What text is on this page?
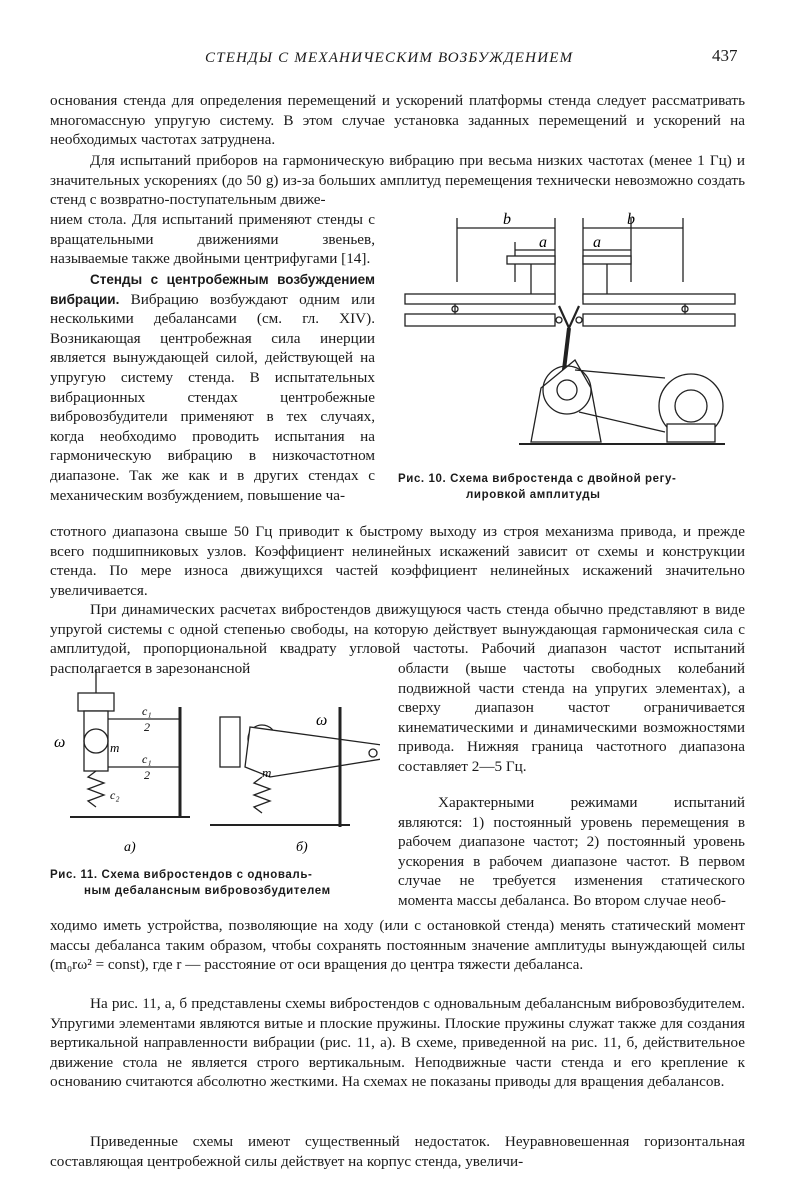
СТЕНДЫ С МЕХАНИЧЕСКИМ ВОЗБУЖДЕНИЕМ	437

основания стенда для определения перемещений и ускорений платформы стенда следует рассматривать многомассную упругую систему. В этом случае установка заданных перемещений и ускорений на необходимых частотах затруднена.

Для испытаний приборов на гармоническую вибрацию при весьма низких частотах (менее 1 Гц) и значительных ускорениях (до 50 g) из-за больших амплитуд перемещения технически невозможно создать стенд с возвратно-поступательным движе-

нием стола. Для испытаний применяют стенды с вращательными движениями звеньев, называемые также двойными центрифугами [14].

Стенды с центробежным возбуждением вибрации. Вибрацию возбуждают одним или несколькими дебалансами (см. гл. XIV). Возникающая центробежная сила инерции является вынуждающей силой, действующей на упругую систему стенда. В испытательных вибрационных стендах центробежные вибровозбудители применяют в тех случаях, когда необходимо проводить испытания на гармоническую вибрацию в низкочастотном диапазоне. Так же как и в других стендах с механическим возбуждением, повышение ча-

стотного диапазона свыше 50 Гц приводит к быстрому выходу из строя механизма привода, и прежде всего подшипниковых узлов. Коэффициент нелинейных искажений зависит от схемы и конструкции стенда. По мере износа движущихся частей коэффициент нелинейных искажений значительно увеличивается.

При динамических расчетах вибростендов движущуюся часть стенда обычно представляют в виде упругой системы с одной степенью свободы, на которую действует вынуждающая гармоническая сила с амплитудой, пропорциональной квадрату угловой частоты. Рабочий диапазон частот испытаний располагается в зарезонансной	области (выше частоты свободных колебаний подвижной части стенда на упругих элементах), а сверху диапазон частот ограничивается кинематическими и динамическими возможностями привода. Нижняя граница частотного диапазона составляет 2—5 Гц.

Характерными режимами испытаний являются: 1) постоянный уровень перемещения в рабочем диапазоне частот; 2) постоянный уровень ускорения в рабочем диапазоне частот. В первом случае не требуется изменения статического момента массы дебаланса. Во втором случае необ-

ходимо иметь устройства, позволяющие на ходу (или с остановкой стенда) менять статический момент массы дебаланса таким образом, чтобы сохранять постоянным значение амплитуды вынуждающей силы (m₀rω² = const), где r — расстояние от оси вращения до центра тяжести дебаланса.

На рис. 11, а, б представлены схемы вибростендов с одновальным дебалансным вибровозбудителем. Упругими элементами являются витые и плоские пружины. Плоские пружины служат также для создания вертикальной направленности вибрации (рис. 11, а). В схеме, приведенной на рис. 11, б, действительное движение стола не является строго вертикальным. Неподвижные части стенда и его крепление к основанию считаются абсолютно жесткими. На схемах не показаны приводы для вращения дебалансов.

Приведенные схемы имеют существенный недостаток. Неуравновешенная горизонтальная составляющая центробежной силы действует на корпус стенда, увеличи-

b	b
a	a

Рис. 10. Схема вибростенда с двойной регу-

лировкой амплитуды

ω	m
c₁
2
c₁
2
c₂
ω
m
а)	б)

Рис. 11. Схема вибростендов с одноваль-

ным дебалансным вибровозбудителем
